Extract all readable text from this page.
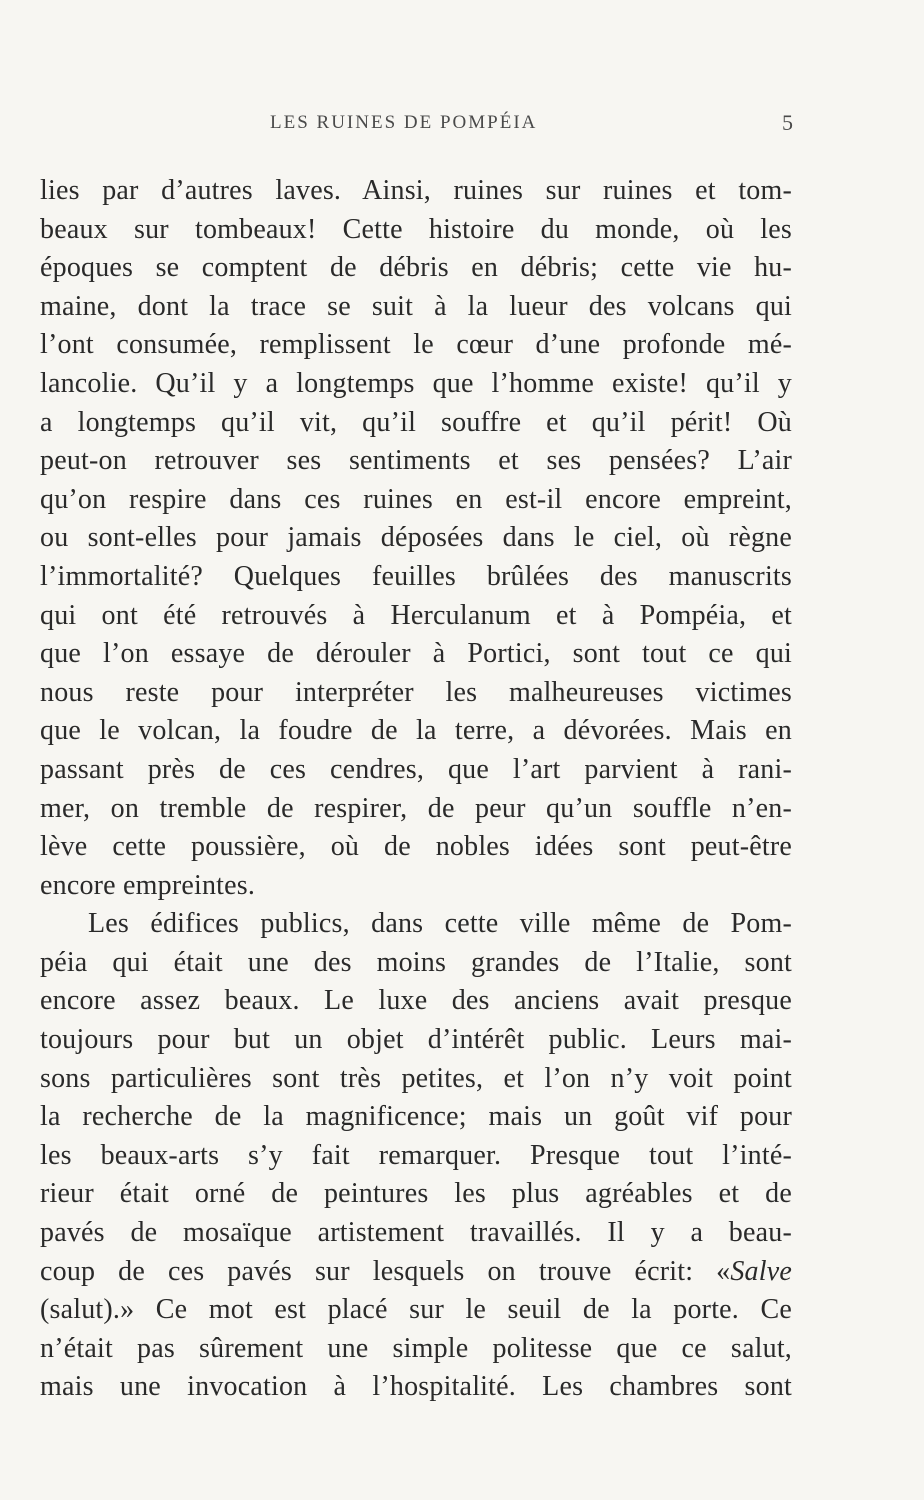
LES RUINES DE POMPÉIA	5
lies par d’autres laves. Ainsi, ruines sur ruines et tom-
beaux sur tombeaux! Cette histoire du monde, où les
époques se comptent de débris en débris; cette vie hu-
maine, dont la trace se suit à la lueur des volcans qui
l’ont consumée, remplissent le cœur d’une profonde mé-
lancolie. Qu’il y a longtemps que l’homme existe! qu’il y
a longtemps qu’il vit, qu’il souffre et qu’il périt! Où
peut-on retrouver ses sentiments et ses pensées? L’air
qu’on respire dans ces ruines en est-il encore empreint,
ou sont-elles pour jamais déposées dans le ciel, où règne
l’immortalité? Quelques feuilles brûlées des manuscrits
qui ont été retrouvés à Herculanum et à Pompéia, et
que l’on essaye de dérouler à Portici, sont tout ce qui
nous reste pour interpréter les malheureuses victimes
que le volcan, la foudre de la terre, a dévorées. Mais en
passant près de ces cendres, que l’art parvient à rani-
mer, on tremble de respirer, de peur qu’un souffle n’en-
lève cette poussière, où de nobles idées sont peut-être
encore empreintes.
Les édifices publics, dans cette ville même de Pom-
péia qui était une des moins grandes de l’Italie, sont
encore assez beaux. Le luxe des anciens avait presque
toujours pour but un objet d’intérêt public. Leurs mai-
sons particulières sont très petites, et l’on n’y voit point
la recherche de la magnificence; mais un goût vif pour
les beaux-arts s’y fait remarquer. Presque tout l’inté-
rieur était orné de peintures les plus agréables et de
pavés de mosaïque artistement travaillés. Il y a beau-
coup de ces pavés sur lesquels on trouve écrit: «Salve
(salut).» Ce mot est placé sur le seuil de la porte. Ce
n’était pas sûrement une simple politesse que ce salut,
mais une invocation à l’hospitalité. Les chambres sont
